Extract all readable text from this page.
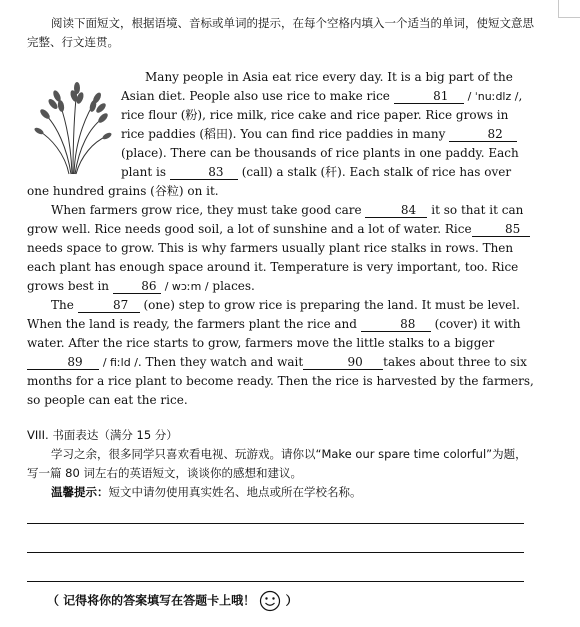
阅读下面短文，根据语境、音标或单词的提示，在每个空格内填入一个适当的单词，使短文意思完整、行文连贯。

Many people in Asia eat rice every day. It is a big part of the Asian diet. People also use rice to make rice	81 / ˈnuːdlz /, rice flour (粉), rice milk, rice cake and rice paper. Rice grows in rice paddies (稻田). You can find rice paddies in many	82 (place). There can be thousands of rice plants in one paddy. Each plant is	83 (call) a stalk (秆). Each stalk of rice has over one hundred grains (谷粒) on it.

When farmers grow rice, they must take good care	84 it so that it can grow well. Rice needs good soil, a lot of sunshine and a lot of water. Rice	85 needs space to grow. This is why farmers usually plant rice stalks in rows. Then each plant has enough space around it. Temperature is very important, too. Rice grows best in	86 / wɔːm / places.

The	87 (one) step to grow rice is preparing the land. It must be level. When the land is ready, the farmers plant the rice and	88 (cover) it with water. After the rice starts to grow, farmers move the little stalks to a bigger 89 / fiːld /. Then they watch and wait	90 takes about three to six months for a rice plant to become ready. Then the rice is harvested by the farmers, so people can eat the rice.

VIII. 书面表达（满分 15 分）

学习之余，很多同学只喜欢看电视、玩游戏。请你以“Make our spare time colorful”为题，写一篇 80 词左右的英语短文，谈谈你的感想和建议。

温馨提示：短文中请勿使用真实姓名、地点或所在学校名称。

（ 记得将你的答案填写在答题卡上哦！	）
